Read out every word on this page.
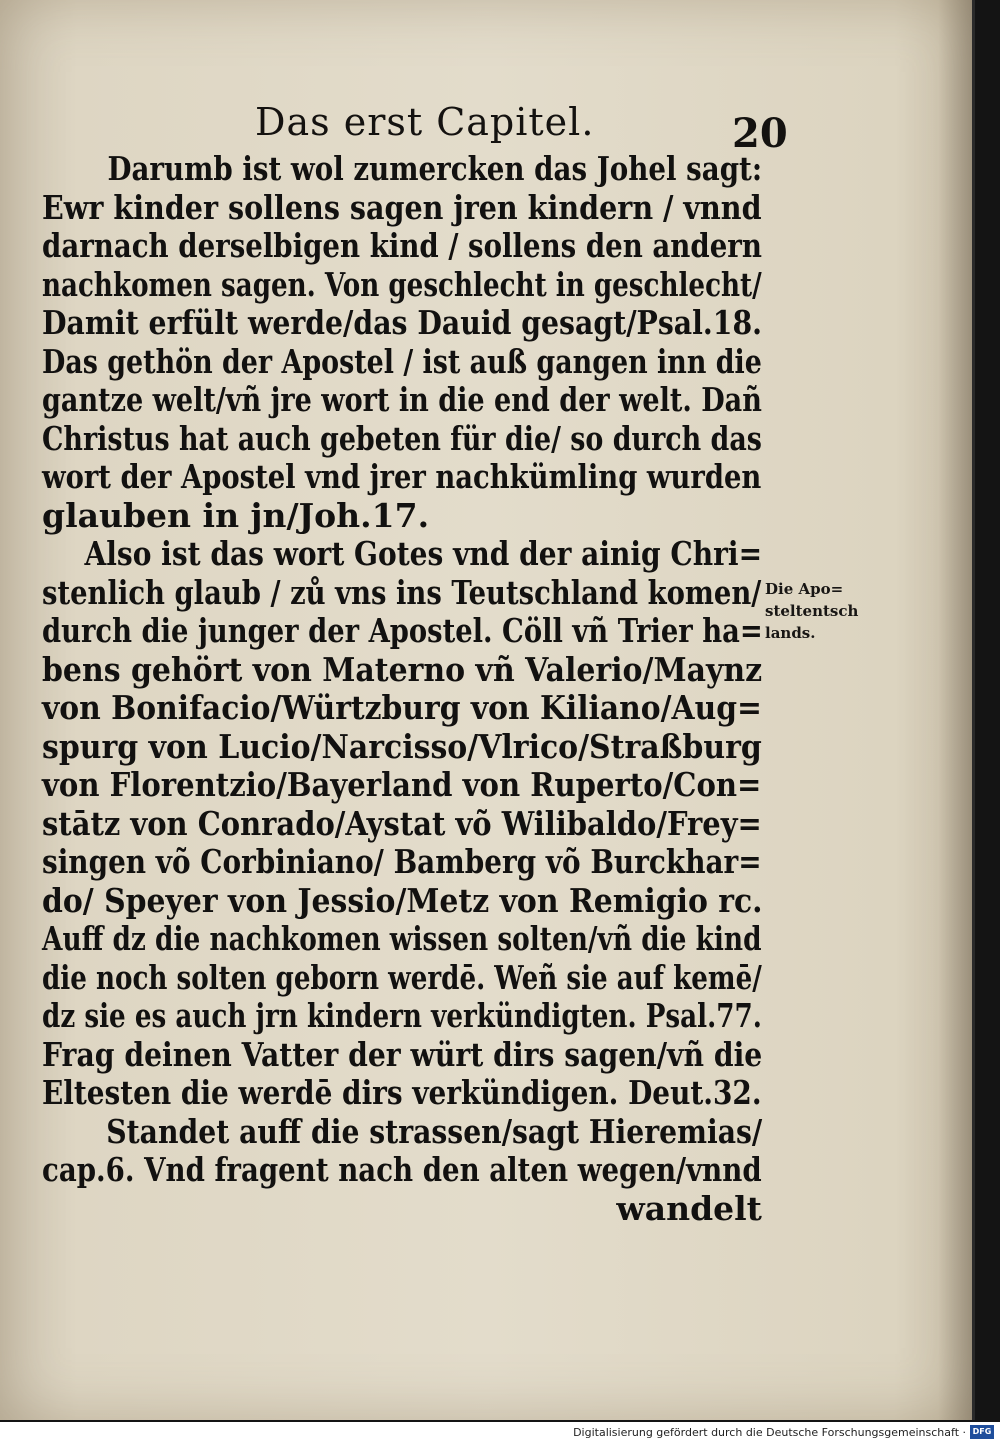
Das erst Capitel.	20
Darumb ist wol zumercken das Johel sagt:
Ewr kinder sollens sagen jren kindern / vnnd
darnach derselbigen kind / sollens den andern
nachkomen sagen. Von geschlecht in geschlecht/
Damit erfült werde/das Dauid gesagt/Psal.18.
Das gethön der Apostel / ist auß gangen inn die
gantze welt/vñ jre wort in die end der welt. Dañ
Christus hat auch gebeten für die/ so durch das
wort der Apostel vnd jrer nachkümling wurden
glauben in jn/Joh.17.
Also ist das wort Gotes vnd der ainig Chri=
stenlich glaub / zů vns ins Teutschland komen/
durch die junger der Apostel. Cöll vñ Trier ha=
bens gehört von Materno vñ Valerio/Maynz
von Bonifacio/Würtzburg von Kiliano/Aug=
spurg von Lucio/Narcisso/Vlrico/Straßburg
von Florentzio/Bayerland von Ruperto/Con=
stātz von Conrado/Aystat võ Wilibaldo/Frey=
singen võ Corbiniano/ Bamberg võ Burckhar=
do/ Speyer von Jessio/Metz von Remigio rc.
Auff dz die nachkomen wissen solten/vñ die kind
die noch solten geborn werdē. Weñ sie auf kemē/
dz sie es auch jrn kindern verkündigten. Psal.77.
Frag deinen Vatter der würt dirs sagen/vñ die
Eltesten die werdē dirs verkündigen. Deut.32.
Standet auff die strassen/sagt Hieremias/
cap.6. Vnd fragent nach den alten wegen/vnnd
wandelt
Die Apo=
steltentsch
lands.
Digitalisierung gefördert durch die Deutsche Forschungsgemeinschaft · DFG
